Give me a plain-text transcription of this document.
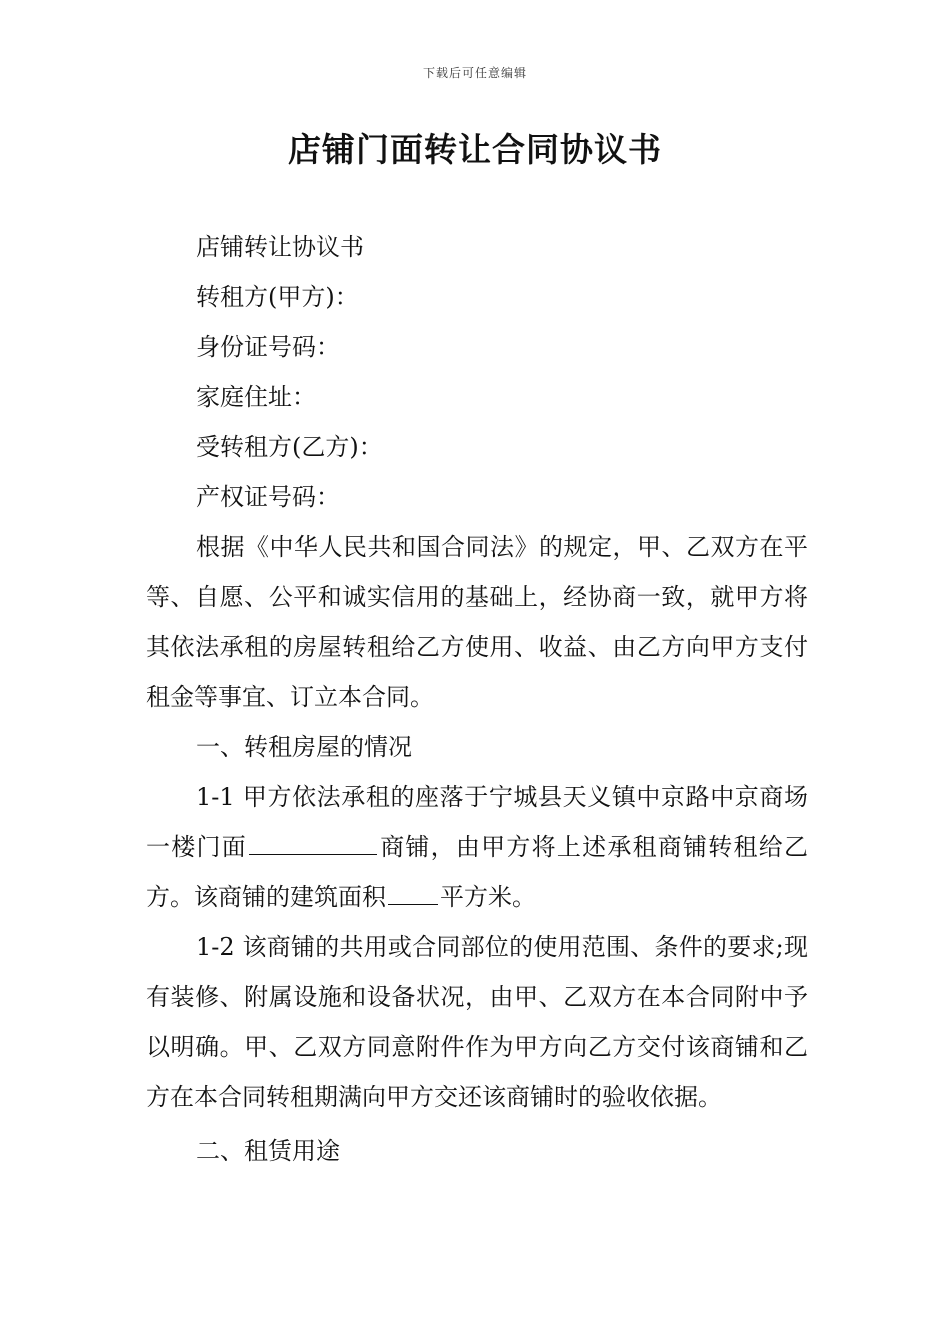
下载后可任意编辑
店铺门面转让合同协议书

店铺转让协议书

转租方(甲方)：

身份证号码：

家庭住址：

受转租方(乙方)：

产权证号码：

根据《中华人民共和国合同法》的规定，甲、乙双方在平等、自愿、公平和诚实信用的基础上，经协商一致，就甲方将其依法承租的房屋转租给乙方使用、收益、由乙方向甲方支付租金等事宜、订立本合同。

一、转租房屋的情况

1-1 甲方依法承租的座落于宁城县天义镇中京路中京商场一楼门面	商铺，由甲方将上述承租商铺转租给乙方。该商铺的建筑面积 平方米。

1-2 该商铺的共用或合同部位的使用范围、条件的要求;现有装修、附属设施和设备状况，由甲、乙双方在本合同附中予以明确。甲、乙双方同意附件作为甲方向乙方交付该商铺和乙方在本合同转租期满向甲方交还该商铺时的验收依据。

二、租赁用途
